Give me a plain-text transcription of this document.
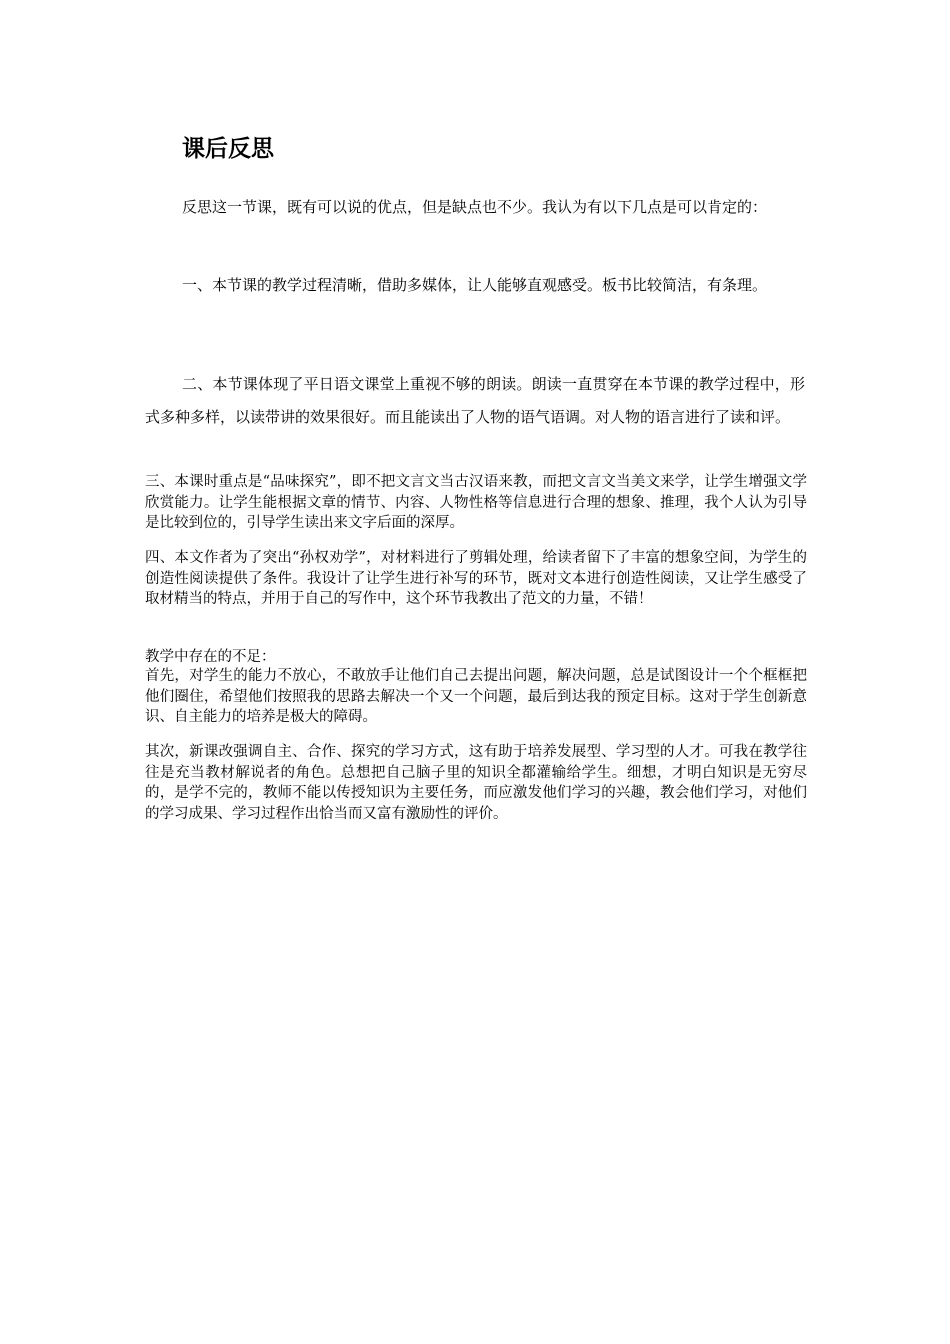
课后反思

反思这一节课，既有可以说的优点，但是缺点也不少。我认为有以下几点是可以肯定的：

一、本节课的教学过程清晰，借助多媒体，让人能够直观感受。板书比较简洁，有条理。

二、本节课体现了平日语文课堂上重视不够的朗读。朗读一直贯穿在本节课的教学过程中，形式多种多样，以读带讲的效果很好。而且能读出了人物的语气语调。对人物的语言进行了读和评。

三、本课时重点是“品味探究”，即不把文言文当古汉语来教，而把文言文当美文来学，让学生增强文学欣赏能力。让学生能根据文章的情节、内容、人物性格等信息进行合理的想象、推理，我个人认为引导是比较到位的，引导学生读出来文字后面的深厚。

四、本文作者为了突出“孙权劝学”，对材料进行了剪辑处理，给读者留下了丰富的想象空间，为学生的创造性阅读提供了条件。我设计了让学生进行补写的环节，既对文本进行创造性阅读，又让学生感受了取材精当的特点，并用于自己的写作中，这个环节我教出了范文的力量，不错！

教学中存在的不足：

首先，对学生的能力不放心，不敢放手让他们自己去提出问题，解决问题，总是试图设计一个个框框把他们圈住，希望他们按照我的思路去解决一个又一个问题，最后到达我的预定目标。这对于学生创新意识、自主能力的培养是极大的障碍。

其次，新课改强调自主、合作、探究的学习方式，这有助于培养发展型、学习型的人才。可我在教学往往是充当教材解说者的角色。总想把自己脑子里的知识全都灌输给学生。细想，才明白知识是无穷尽的，是学不完的，教师不能以传授知识为主要任务，而应激发他们学习的兴趣，教会他们学习，对他们的学习成果、学习过程作出恰当而又富有激励性的评价。
